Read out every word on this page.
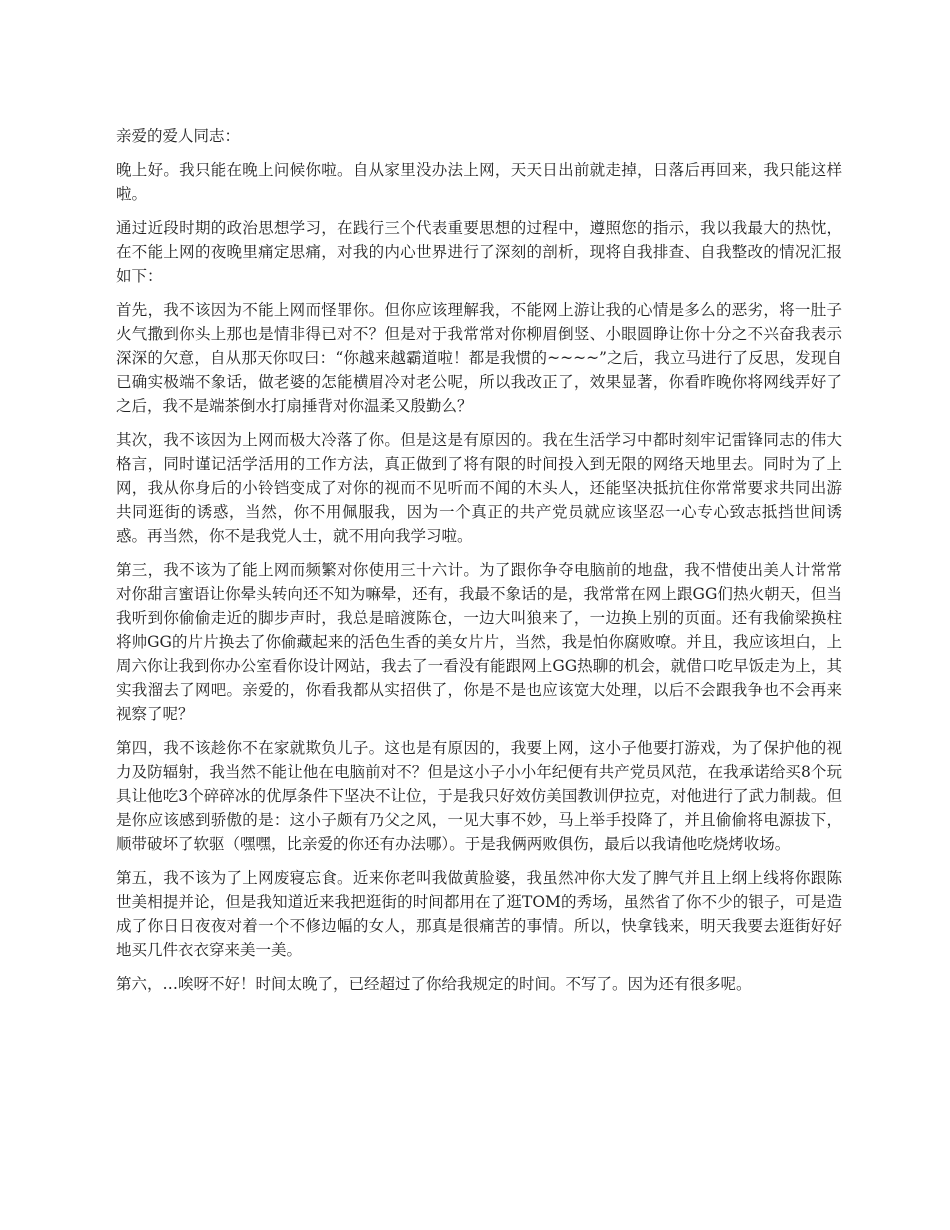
亲爱的爱人同志：

晚上好。我只能在晚上问候你啦。自从家里没办法上网，天天日出前就走掉，日落后再回来，我只能这样啦。

通过近段时期的政治思想学习，在践行三个代表重要思想的过程中，遵照您的指示，我以我最大的热忱，在不能上网的夜晚里痛定思痛，对我的内心世界进行了深刻的剖析，现将自我排查、自我整改的情况汇报如下：

首先，我不该因为不能上网而怪罪你。但你应该理解我，不能网上游让我的心情是多么的恶劣，将一肚子火气撒到你头上那也是情非得已对不？但是对于我常常对你柳眉倒竖、小眼圆睁让你十分之不兴奋我表示深深的欠意，自从那天你叹曰：“你越来越霸道啦！都是我惯的~~~~”之后，我立马进行了反思，发现自已确实极端不象话，做老婆的怎能横眉冷对老公呢，所以我改正了，效果显著，你看昨晚你将网线弄好了之后，我不是端茶倒水打扇捶背对你温柔又殷勤么？

其次，我不该因为上网而极大冷落了你。但是这是有原因的。我在生活学习中都时刻牢记雷锋同志的伟大格言，同时谨记活学活用的工作方法，真正做到了将有限的时间投入到无限的网络天地里去。同时为了上网，我从你身后的小铃铛变成了对你的视而不见听而不闻的木头人，还能坚决抵抗住你常常要求共同出游共同逛街的诱惑，当然，你不用佩服我，因为一个真正的共产党员就应该坚忍一心专心致志抵挡世间诱惑。再当然，你不是我党人士，就不用向我学习啦。

第三，我不该为了能上网而频繁对你使用三十六计。为了跟你争夺电脑前的地盘，我不惜使出美人计常常对你甜言蜜语让你晕头转向还不知为嘛晕，还有，我最不象话的是，我常常在网上跟GG们热火朝天，但当我听到你偷偷走近的脚步声时，我总是暗渡陈仓，一边大叫狼来了，一边换上别的页面。还有我偷梁换柱将帅GG的片片换去了你偷藏起来的活色生香的美女片片，当然，我是怕你腐败嘹。并且，我应该坦白，上周六你让我到你办公室看你设计网站，我去了一看没有能跟网上GG热聊的机会，就借口吃早饭走为上，其实我溜去了网吧。亲爱的，你看我都从实招供了，你是不是也应该宽大处理，以后不会跟我争也不会再来视察了呢？

第四，我不该趁你不在家就欺负儿子。这也是有原因的，我要上网，这小子他要打游戏，为了保护他的视力及防辐射，我当然不能让他在电脑前对不？但是这小子小小年纪便有共产党员风范，在我承诺给买8个玩具让他吃3个碎碎冰的优厚条件下坚决不让位，于是我只好效仿美国教训伊拉克，对他进行了武力制裁。但是你应该感到骄傲的是：这小子颇有乃父之风，一见大事不妙，马上举手投降了，并且偷偷将电源拔下，顺带破坏了软驱（嘿嘿，比亲爱的你还有办法哪）。于是我俩两败俱伤，最后以我请他吃烧烤收场。

第五，我不该为了上网废寝忘食。近来你老叫我做黄脸婆，我虽然冲你大发了脾气并且上纲上线将你跟陈世美相提并论，但是我知道近来我把逛街的时间都用在了逛TOM的秀场，虽然省了你不少的银子，可是造成了你日日夜夜对着一个不修边幅的女人，那真是很痛苦的事情。所以，快拿钱来，明天我要去逛街好好地买几件衣衣穿来美一美。

第六，…唉呀不好！时间太晚了，已经超过了你给我规定的时间。不写了。因为还有很多呢。
